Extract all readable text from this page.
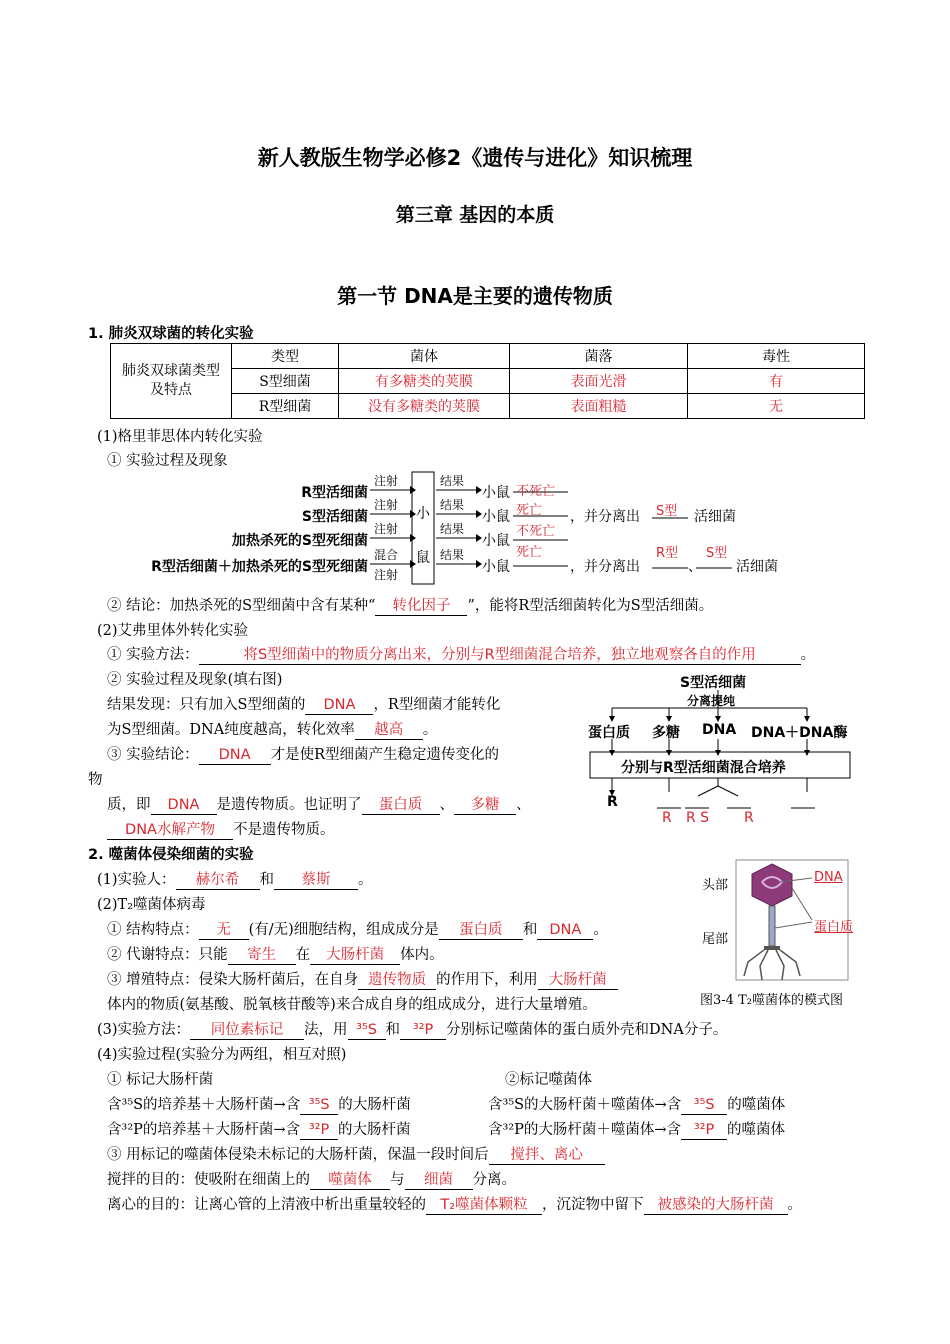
新人教版生物学必修2《遗传与进化》知识梳理
第三章 基因的本质
第一节 DNA是主要的遗传物质
1. 肺炎双球菌的转化实验
肺炎双球菌类型及特点	类型	菌体	菌落	毒性
	S型细菌	有多糖类的荚膜	表面光滑	有
	R型细菌	没有多糖类的荚膜	表面粗糙	无
(1)格里菲思体内转化实验
① 实验过程及现象
R型活细菌
S型活细菌
加热杀死的S型死细菌
R型活细菌＋加热杀死的S型死细菌
注射
注射
注射
混合
注射
小鼠
结果
结果
结果
结果
小鼠
小鼠
小鼠
小鼠
不死亡
死亡
不死亡
死亡
，并分离出 S型 活细菌
，并分离出
R型
、
S型
活细菌
② 结论：加热杀死的S型细菌中含有某种“ 转化因子 ”，能将R型活细菌转化为S型活细菌。
(2)艾弗里体外转化实验
① 实验方法：	将S型细菌中的物质分离出来，分别与R型细菌混合培养，独立地观察各自的作用	。
② 实验过程及现象(填右图)
结果发现：只有加入S型细菌的 DNA ，R型细菌才能转化
为S型细菌。DNA纯度越高，转化效率 越高 。
③ 实验结论： DNA 才是使R型细菌产生稳定遗传变化的
物
质，即 DNA 是遗传物质。也证明了 蛋白质 、 多糖 、
DNA水解产物 不是遗传物质。
S型活细菌
分离提纯
蛋白质 多糖 DNA DNA＋DNA酶
分别与R型活细菌混合培养
R
R R S R
2. 噬菌体侵染细菌的实验
(1)实验人： 赫尔希 和 蔡斯 。
(2)T₂噬菌体病毒
① 结构特点： 无 (有/无)细胞结构，组成成分是 蛋白质 和 DNA 。
② 代谢特点：只能 寄生 在 大肠杆菌 体内。
③ 增殖特点：侵染大肠杆菌后，在自身 遗传物质 的作用下，利用 大肠杆菌
体内的物质(氨基酸、脱氧核苷酸等)来合成自身的组成成分，进行大量增殖。
头部
尾部
DNA
蛋白质
图3-4 T₂噬菌体的模式图
(3)实验方法： 同位素标记 法，用 ³⁵S 和 ³²P 分别标记噬菌体的蛋白质外壳和DNA分子。
(4)实验过程(实验分为两组，相互对照)
① 标记大肠杆菌	②标记噬菌体
含³⁵S的培养基＋大肠杆菌→含 ³⁵S 的大肠杆菌
含³²P的培养基＋大肠杆菌→含 ³²P 的大肠杆菌
含³⁵S的大肠杆菌＋噬菌体→含 ³⁵S 的噬菌体
含³²P的大肠杆菌＋噬菌体→含 ³²P 的噬菌体
③ 用标记的噬菌体侵染未标记的大肠杆菌，保温一段时间后 搅拌、离心
搅拌的目的：使吸附在细菌上的 噬菌体 与 细菌 分离。
离心的目的：让离心管的上清液中析出重量较轻的 T₂噬菌体颗粒 ，沉淀物中留下 被感染的大肠杆菌 。
